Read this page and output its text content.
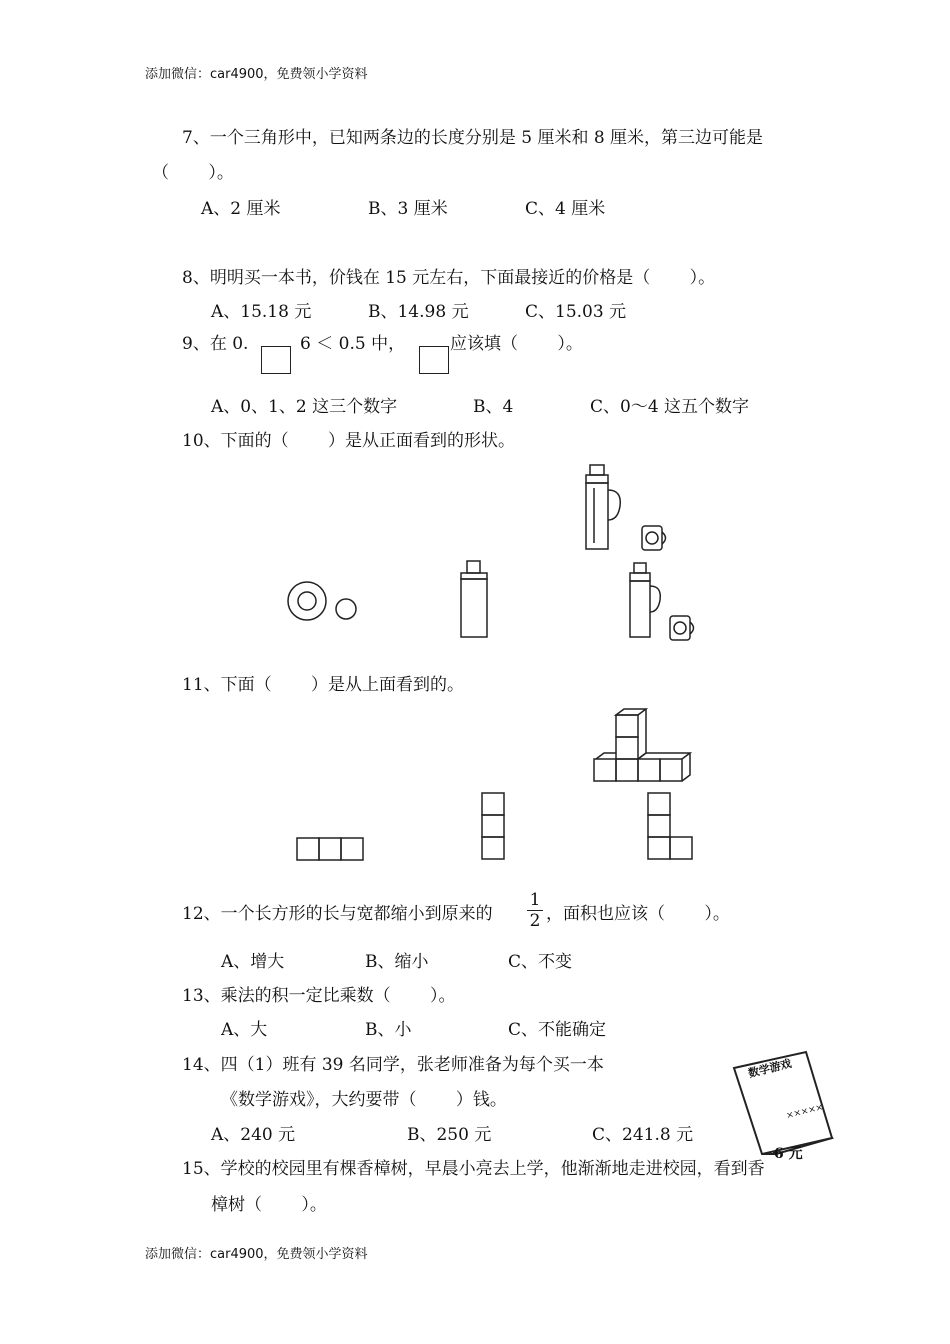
添加微信：car4900，免费领小学资料
7、一个三角形中，已知两条边的长度分别是 5 厘米和 8 厘米，第三边可能是
（　　 ）。
A、2 厘米	B、3 厘米	C、4 厘米
8、明明买一本书，价钱在 15 元左右，下面最接近的价格是（　　 ）。
A、15.18 元	B、14.98 元	C、15.03 元
9、在 0.	6 ＜ 0.5 中，	应该填（　　 ）。
A、0、1、2 这三个数字	B、4	C、0～4 这五个数字
10、下面的（　　 ）是从正面看到的形状。
11、下面（　　 ）是从上面看到的。
12、一个长方形的长与宽都缩小到原来的 $\frac{1}{2}$ ，面积也应该（　　 ）。
A、增大	B、缩小	C、不变
13、乘法的积一定比乘数（　　 ）。
A、大	B、小	C、不能确定
14、四（1）班有 39 名同学，张老师准备为每个买一本
《数学游戏》，大约要带（　　 ）钱。
A、240 元	B、250 元	C、241.8 元
数学游戏
×××××
6 元
15、学校的校园里有棵香樟树，早晨小亮去上学，他渐渐地走进校园，看到香
樟树（　　 ）。
添加微信：car4900，免费领小学资料
